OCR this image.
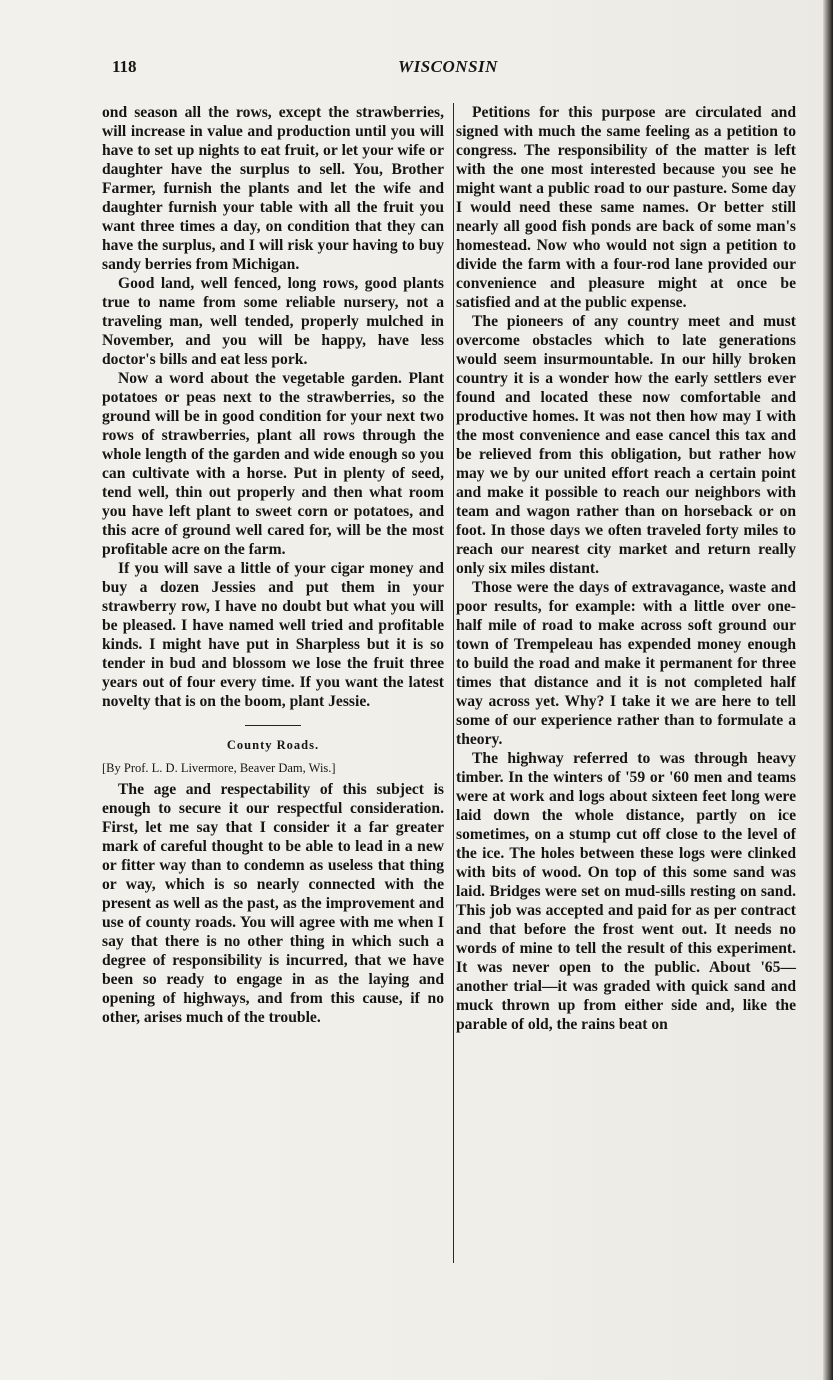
118	WISCONSIN

ond season all the rows, except the strawberries, will increase in value and production until you will have to set up nights to eat fruit, or let your wife or daughter have the surplus to sell. You, Brother Farmer, furnish the plants and let the wife and daughter furnish your table with all the fruit you want three times a day, on condition that they can have the surplus, and I will risk your having to buy sandy berries from Michigan.

Good land, well fenced, long rows, good plants true to name from some reliable nursery, not a traveling man, well tended, properly mulched in November, and you will be happy, have less doctor's bills and eat less pork.

Now a word about the vegetable garden. Plant potatoes or peas next to the strawberries, so the ground will be in good condition for your next two rows of strawberries, plant all rows through the whole length of the garden and wide enough so you can cultivate with a horse. Put in plenty of seed, tend well, thin out properly and then what room you have left plant to sweet corn or potatoes, and this acre of ground well cared for, will be the most profitable acre on the farm.

If you will save a little of your cigar money and buy a dozen Jessies and put them in your strawberry row, I have no doubt but what you will be pleased. I have named well tried and profitable kinds. I might have put in Sharpless but it is so tender in bud and blossom we lose the fruit three years out of four every time. If you want the latest novelty that is on the boom, plant Jessie.

County Roads.
[By Prof. L. D. Livermore, Beaver Dam, Wis.]

The age and respectability of this subject is enough to secure it our respectful consideration. First, let me say that I consider it a far greater mark of careful thought to be able to lead in a new or fitter way than to condemn as useless that thing or way, which is so nearly connected with the present as well as the past, as the improvement and use of county roads. You will agree with me when I say that there is no other thing in which such a degree of responsibility is incurred, that we have been so ready to engage in as the laying and opening of highways, and from this cause, if no other, arises much of the trouble.

Petitions for this purpose are circulated and signed with much the same feeling as a petition to congress. The responsibility of the matter is left with the one most interested because you see he might want a public road to our pasture. Some day I would need these same names. Or better still nearly all good fish ponds are back of some man's homestead. Now who would not sign a petition to divide the farm with a four-rod lane provided our convenience and pleasure might at once be satisfied and at the public expense.

The pioneers of any country meet and must overcome obstacles which to late generations would seem insurmountable. In our hilly broken country it is a wonder how the early settlers ever found and located these now comfortable and productive homes. It was not then how may I with the most convenience and ease cancel this tax and be relieved from this obligation, but rather how may we by our united effort reach a certain point and make it possible to reach our neighbors with team and wagon rather than on horseback or on foot. In those days we often traveled forty miles to reach our nearest city market and return really only six miles distant.

Those were the days of extravagance, waste and poor results, for example: with a little over one-half mile of road to make across soft ground our town of Trempeleau has expended money enough to build the road and make it permanent for three times that distance and it is not completed half way across yet. Why? I take it we are here to tell some of our experience rather than to formulate a theory.

The highway referred to was through heavy timber. In the winters of '59 or '60 men and teams were at work and logs about sixteen feet long were laid down the whole distance, partly on ice sometimes, on a stump cut off close to the level of the ice. The holes between these logs were clinked with bits of wood. On top of this some sand was laid. Bridges were set on mud-sills resting on sand. This job was accepted and paid for as per contract and that before the frost went out. It needs no words of mine to tell the result of this experiment. It was never open to the public. About '65—another trial—it was graded with quick sand and muck thrown up from either side and, like the parable of old, the rains beat on
